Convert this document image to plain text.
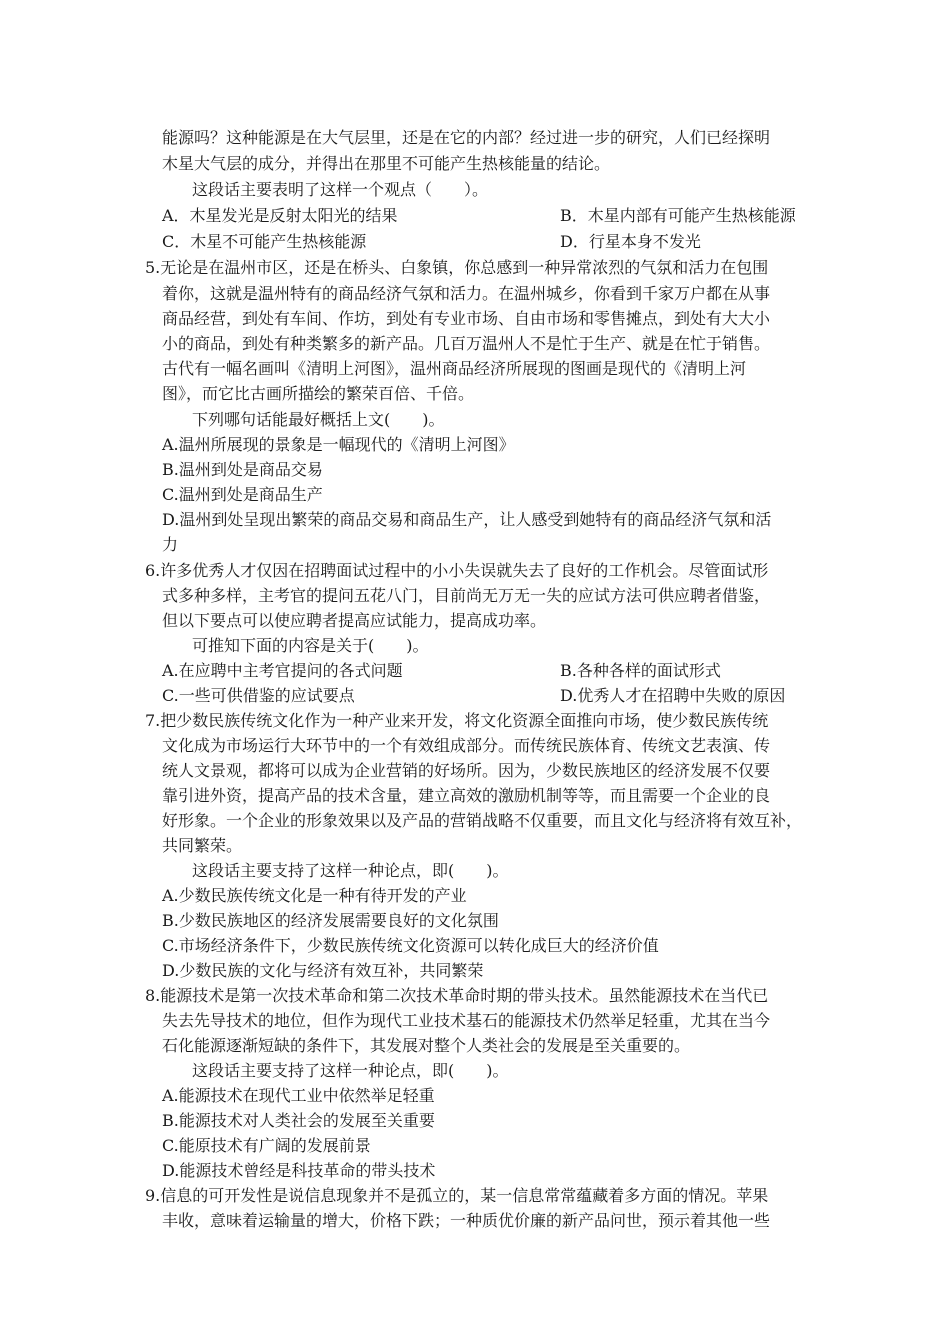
能源吗？这种能源是在大气层里，还是在它的内部？经过进一步的研究，人们已经探明
木星大气层的成分，并得出在那里不可能产生热核能量的结论。
这段话主要表明了这样一个观点（　　）。
A．木星发光是反射太阳光的结果	B．木星内部有可能产生热核能源
C．木星不可能产生热核能源	D．行星本身不发光
5.无论是在温州市区，还是在桥头、白象镇，你总感到一种异常浓烈的气氛和活力在包围
着你，这就是温州特有的商品经济气氛和活力。在温州城乡，你看到千家万户都在从事
商品经营，到处有车间、作坊，到处有专业市场、自由市场和零售摊点，到处有大大小
小的商品，到处有种类繁多的新产品。几百万温州人不是忙于生产、就是在忙于销售。
古代有一幅名画叫《清明上河图》，温州商品经济所展现的图画是现代的《清明上河
图》，而它比古画所描绘的繁荣百倍、千倍。
下列哪句话能最好概括上文(　　)。
A.温州所展现的景象是一幅现代的《清明上河图》
B.温州到处是商品交易
C.温州到处是商品生产
D.温州到处呈现出繁荣的商品交易和商品生产，让人感受到她特有的商品经济气氛和活
力
6.许多优秀人才仅因在招聘面试过程中的小小失误就失去了良好的工作机会。尽管面试形
式多种多样，主考官的提问五花八门，目前尚无万无一失的应试方法可供应聘者借鉴，
但以下要点可以使应聘者提高应试能力，提高成功率。
可推知下面的内容是关于(　　)。
A.在应聘中主考官提问的各式问题	B.各种各样的面试形式
C.一些可供借鉴的应试要点	D.优秀人才在招聘中失败的原因
7.把少数民族传统文化作为一种产业来开发，将文化资源全面推向市场，使少数民族传统
文化成为市场运行大环节中的一个有效组成部分。而传统民族体育、传统文艺表演、传
统人文景观，都将可以成为企业营销的好场所。因为，少数民族地区的经济发展不仅要
靠引进外资，提高产品的技术含量，建立高效的激励机制等等，而且需要一个企业的良
好形象。一个企业的形象效果以及产品的营销战略不仅重要，而且文化与经济将有效互补，
共同繁荣。
这段话主要支持了这样一种论点，即(　　)。
A.少数民族传统文化是一种有待开发的产业
B.少数民族地区的经济发展需要良好的文化氛围
C.市场经济条件下，少数民族传统文化资源可以转化成巨大的经济价值
D.少数民族的文化与经济有效互补，共同繁荣
8.能源技术是第一次技术革命和第二次技术革命时期的带头技术。虽然能源技术在当代已
失去先导技术的地位，但作为现代工业技术基石的能源技术仍然举足轻重，尤其在当今
石化能源逐渐短缺的条件下，其发展对整个人类社会的发展是至关重要的。
这段话主要支持了这样一种论点，即(　　)。
A.能源技术在现代工业中依然举足轻重
B.能源技术对人类社会的发展至关重要
C.能原技术有广阔的发展前景
D.能源技术曾经是科技革命的带头技术
9.信息的可开发性是说信息现象并不是孤立的，某一信息常常蕴藏着多方面的情况。苹果
丰收，意味着运输量的增大，价格下跌；一种质优价廉的新产品问世，预示着其他一些
